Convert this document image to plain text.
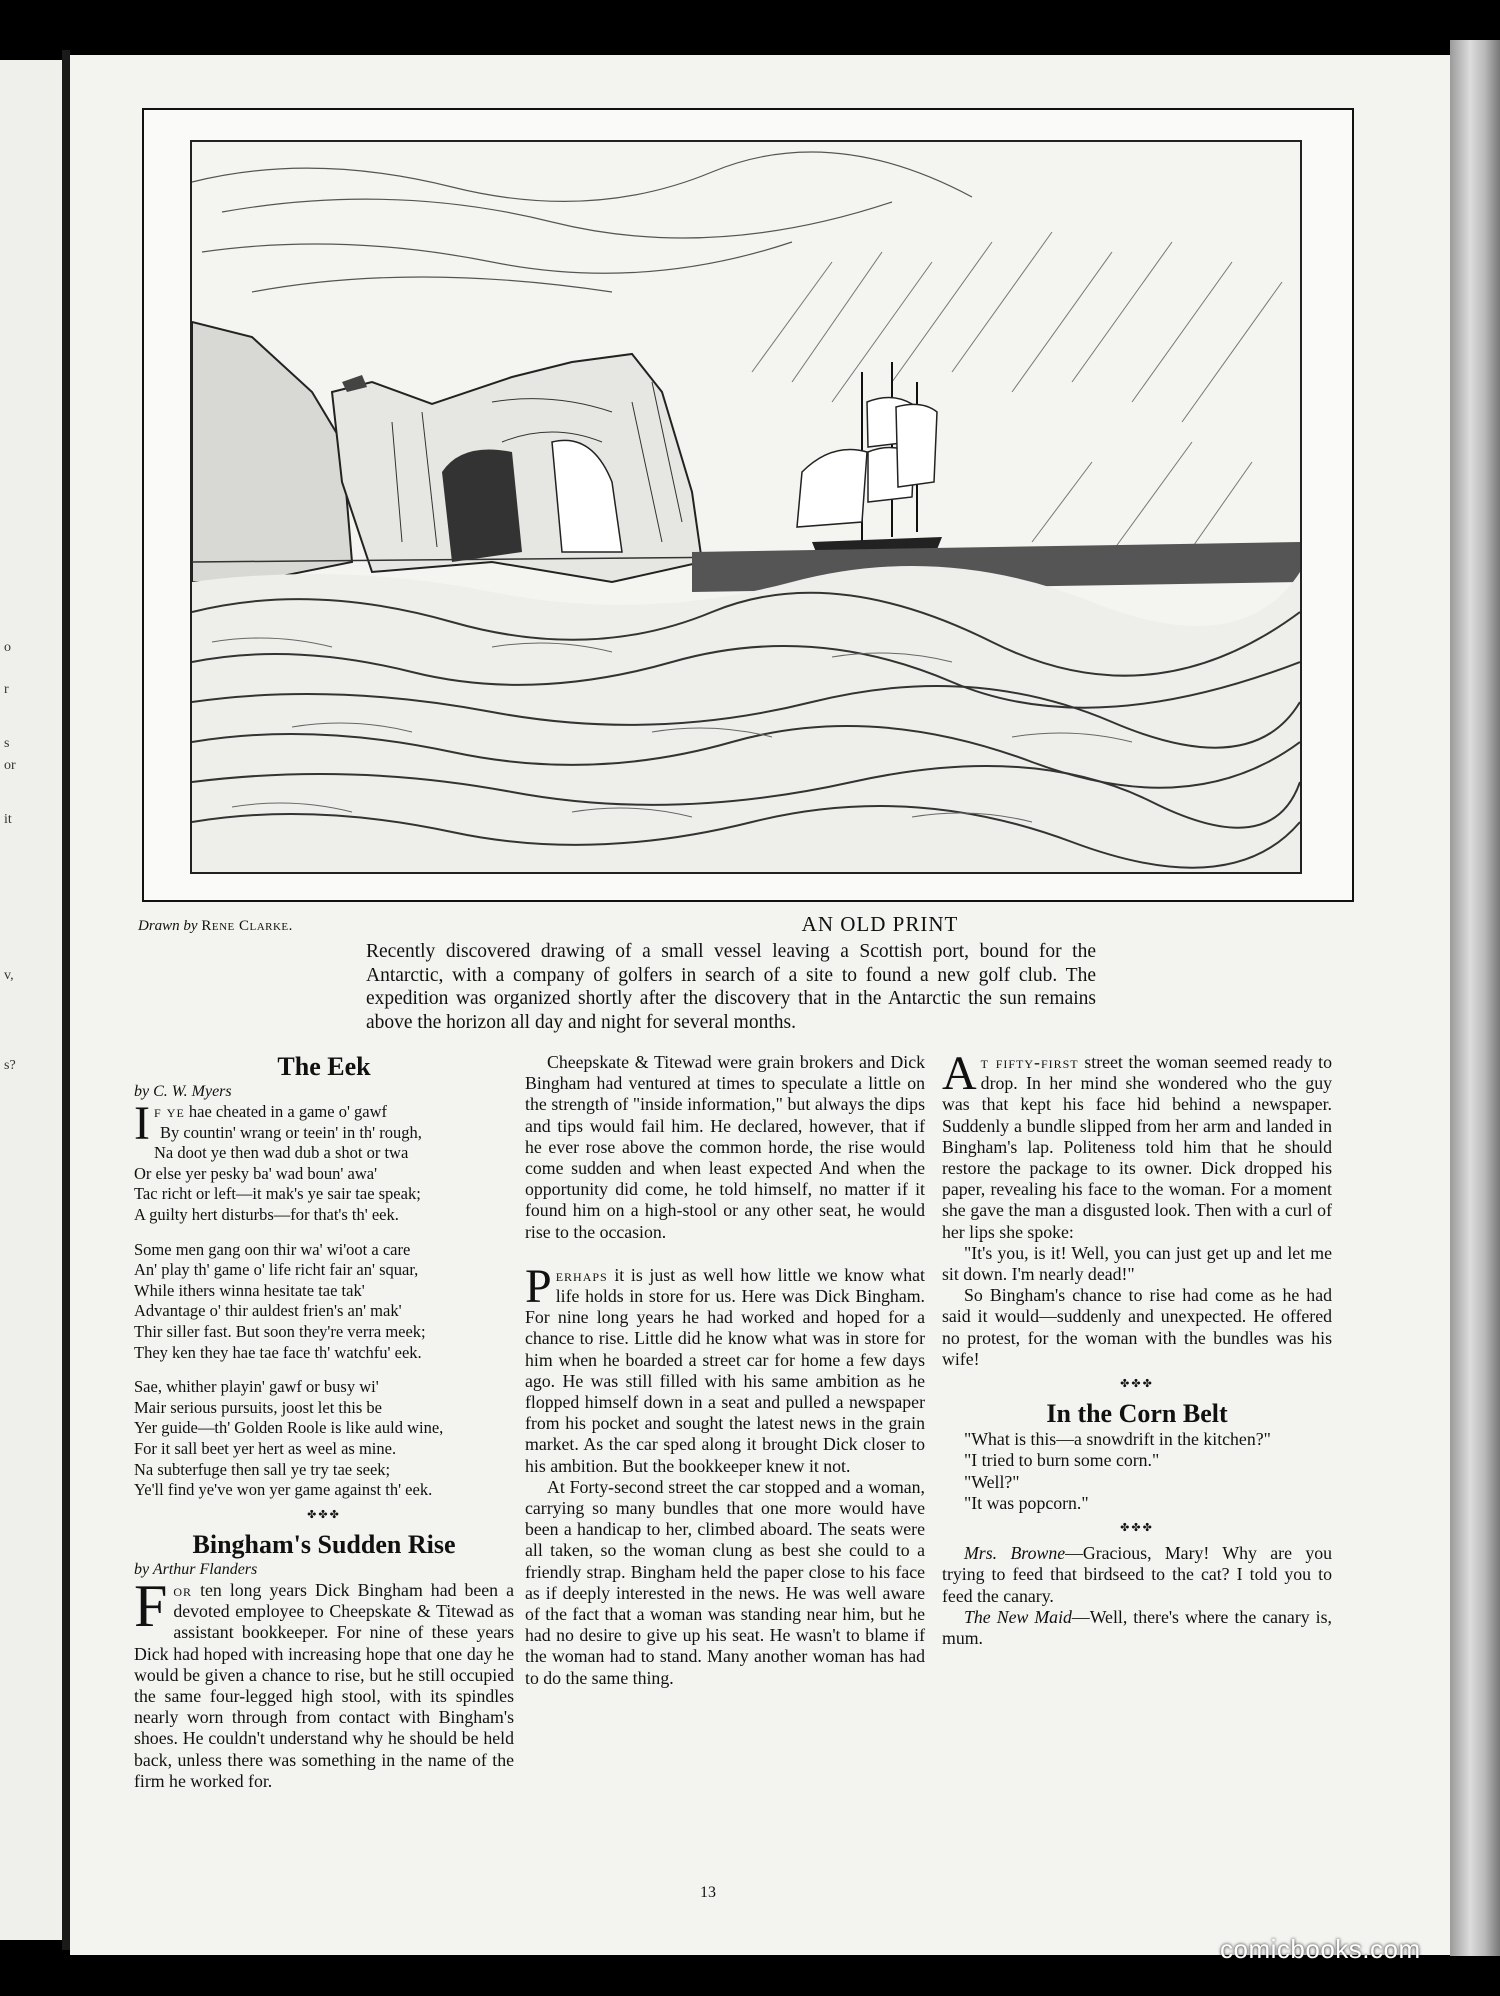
o
r
s
or
it
v,
s?
Drawn by Rene Clarke.	AN OLD PRINT
Recently discovered drawing of a small vessel leaving a Scottish port, bound for the Antarctic, with a company of golfers in search of a site to found a new golf club. The expedition was organized shortly after the discovery that in the Antarctic the sun remains above the horizon all day and night for several months.
The Eek

by C. W. Myers

If ye hae cheated in a game o' gawf
By countin' wrang or teein' in th' rough,
Na doot ye then wad dub a shot or twa
Or else yer pesky ba' wad boun' awa'
Tac richt or left—it mak's ye sair tae speak;
A guilty hert disturbs—for that's th' eek.
Some men gang oon thir wa' wi'oot a care
An' play th' game o' life richt fair an' squar,
While ithers winna hesitate tae tak'
Advantage o' thir auldest frien's an' mak'
Thir siller fast. But soon they're verra meek;
They ken they hae tae face th' watchfu' eek.
Sae, whither playin' gawf or busy wi'
Mair serious pursuits, joost let this be
Yer guide—th' Golden Roole is like auld wine,
For it sall beet yer hert as weel as mine.
Na subterfuge then sall ye try tae seek;
Ye'll find ye've won yer game against th' eek.
✤✤✤
Bingham's Sudden Rise

by Arthur Flanders

For ten long years Dick Bingham had been a devoted employee to Cheepskate & Titewad as assistant bookkeeper. For nine of these years Dick had hoped with increasing hope that one day he would be given a chance to rise, but he still occupied the same four-legged high stool, with its spindles nearly worn through from contact with Bingham's shoes. He couldn't understand why he should be held back, unless there was something in the name of the firm he worked for.

Cheepskate & Titewad were grain brokers and Dick Bingham had ventured at times to speculate a little on the strength of "inside information," but always the dips and tips would fail him. He declared, however, that if he ever rose above the common horde, the rise would come sudden and when least expected And when the opportunity did come, he told himself, no matter if it found him on a high-stool or any other seat, he would rise to the occasion.

Perhaps it is just as well how little we know what life holds in store for us. Here was Dick Bingham. For nine long years he had worked and hoped for a chance to rise. Little did he know what was in store for him when he boarded a street car for home a few days ago. He was still filled with his same ambition as he flopped himself down in a seat and pulled a newspaper from his pocket and sought the latest news in the grain market. As the car sped along it brought Dick closer to his ambition. But the bookkeeper knew it not.

At Forty-second street the car stopped and a woman, carrying so many bundles that one more would have been a handicap to her, climbed aboard. The seats were all taken, so the woman clung as best she could to a friendly strap. Bingham held the paper close to his face as if deeply interested in the news. He was well aware of the fact that a woman was standing near him, but he had no desire to give up his seat. He wasn't to blame if the woman had to stand. Many another woman has had to do the same thing.

At fifty-first street the woman seemed ready to drop. In her mind she wondered who the guy was that kept his face hid behind a newspaper. Suddenly a bundle slipped from her arm and landed in Bingham's lap. Politeness told him that he should restore the package to its owner. Dick dropped his paper, revealing his face to the woman. For a moment she gave the man a disgusted look. Then with a curl of her lips she spoke:

"It's you, is it! Well, you can just get up and let me sit down. I'm nearly dead!"

So Bingham's chance to rise had come as he had said it would—suddenly and unexpected. He offered no protest, for the woman with the bundles was his wife!

✤✤✤
In the Corn Belt

"What is this—a snowdrift in the kitchen?"

"I tried to burn some corn."

"Well?"

"It was popcorn."

✤✤✤

Mrs. Browne—Gracious, Mary! Why are you trying to feed that birdseed to the cat? I told you to feed the canary.

The New Maid—Well, there's where the canary is, mum.

13
comicbooks.com
